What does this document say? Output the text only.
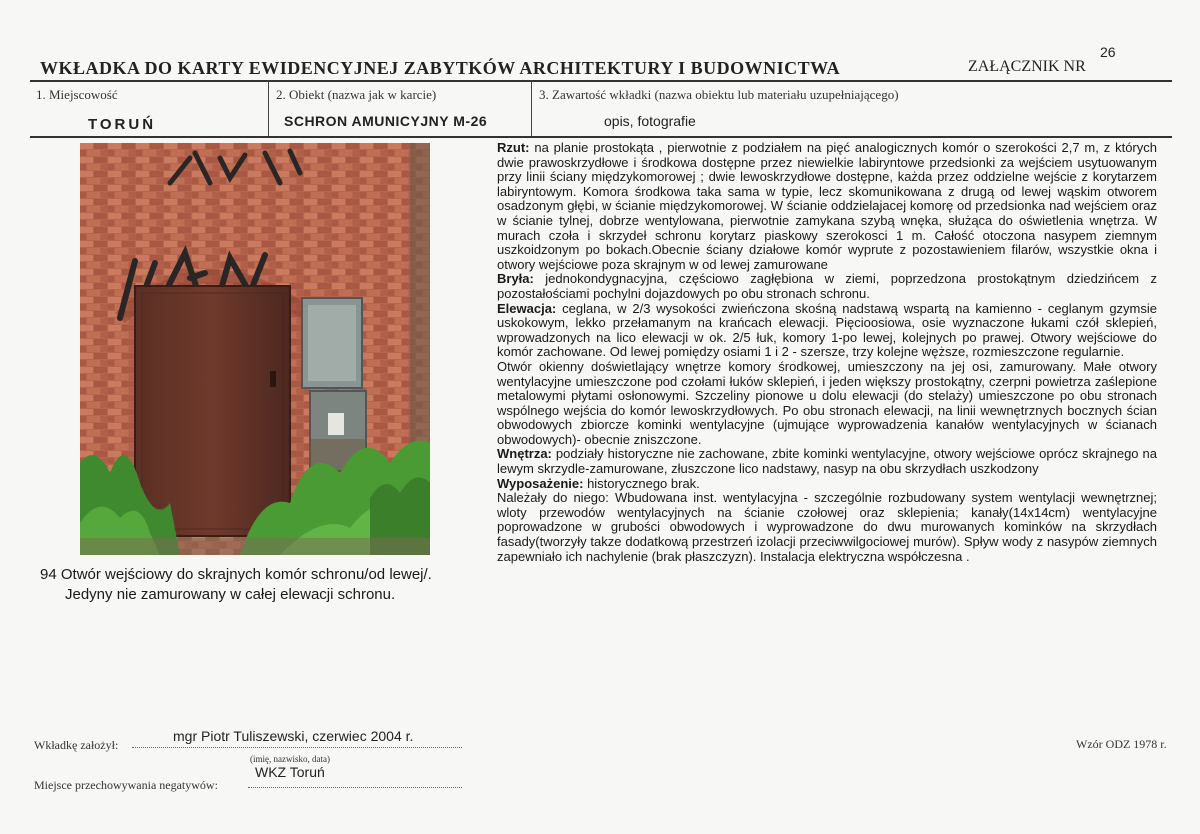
WKŁADKA DO KARTY EWIDENCYJNEJ ZABYTKÓW ARCHITEKTURY I BUDOWNICTWA	ZAŁĄCZNIK NR
26
1. Miejscowość	2. Obiekt (nazwa jak w karcie)	3. Zawartość wkładki (nazwa obiektu lub materiału uzupełniającego)
TORUŃ	SCHRON AMUNICYJNY M-26	opis, fotografie
94 Otwór wejściowy do skrajnych komór schronu/od lewej/.
Jedyny nie zamurowany w całej elewacji schronu.

Rzut: na planie prostokąta , pierwotnie z podziałem na pięć analogicznych komór o szerokości 2,7 m, z których dwie prawoskrzydłowe i środkowa dostępne przez niewielkie labiryntowe przedsionki za wejściem usytuowanym przy linii ściany międzykomorowej ; dwie lewoskrzydłowe dostępne, każda przez oddzielne wejście z korytarzem labiryntowym. Komora środkowa taka sama w typie, lecz skomunikowana z drugą od lewej wąskim otworem osadzonym głębi, w ścianie międzykomorowej. W ścianie oddzielajacej komorę od przedsionka nad wejściem oraz w ścianie tylnej, dobrze wentylowana, pierwotnie zamykana szybą wnęka, służąca do oświetlenia wnętrza. W murach czoła i skrzydeł schronu korytarz piaskowy szerokosci 1 m. Całość otoczona nasypem ziemnym uszkoidzonym po bokach.Obecnie ściany działowe komór wyprute z pozostawieniem filarów, wszystkie okna i otwory wejściowe poza skrajnym w od lewej zamurowane

Bryła: jednokondygnacyjna, częściowo zagłębiona w ziemi, poprzedzona prostokątnym dziedzińcem z pozostałościami pochylni dojazdowych po obu stronach schronu.

Elewacja: ceglana, w 2/3 wysokości zwieńczona skośną nadstawą wspartą na kamienno - ceglanym gzymsie uskokowym, lekko przełamanym na krańcach elewacji. Pięcioosiowa, osie wyznaczone łukami czół sklepień, wprowadzonych na lico elewacji w ok. 2/5 łuk, komory 1-po lewej, kolejnych po prawej. Otwory wejściowe do komór zachowane. Od lewej pomiędzy osiami 1 i 2 - szersze, trzy kolejne węższe, rozmieszczone regularnie.

Otwór okienny doświetlający wnętrze komory środkowej, umieszczony na jej osi, zamurowany. Małe otwory wentylacyjne umieszczone pod czołami łuków sklepień, i jeden większy prostokątny, czerpni powietrza zaślepione metalowymi płytami osłonowymi. Szczeliny pionowe u dolu elewacji (do stelaży) umieszczone po obu stronach wspólnego wejścia do komór lewoskrzydłowych. Po obu stronach elewacji, na linii wewnętrznych bocznych ścian obwodowych zbiorcze kominki wentylacyjne (ujmujące wyprowadzenia kanałów wentylacyjnych w ścianach obwodowych)- obecnie zniszczone.

Wnętrza: podziały historyczne nie zachowane, zbite kominki wentylacyjne, otwory wejściowe oprócz skrajnego na lewym skrzydle-zamurowane, złuszczone lico nadstawy, nasyp na obu skrzydłach uszkodzony

Wyposażenie: historycznego brak.

Należały do niego: Wbudowana inst. wentylacyjna - szczególnie rozbudowany system wentylacji wewnętrznej; wloty przewodów wentylacyjnych na ścianie czołowej oraz sklepienia; kanały(14x14cm) wentylacyjne poprowadzone w grubości obwodowych i wyprowadzone do dwu murowanych kominków na skrzydłach fasady(tworzyły takze dodatkową przestrzeń izolacji przeciwwilgociowej murów). Spływ wody z nasypów ziemnych zapewniało ich nachylenie (brak płaszczyzn). Instalacja elektryczna współczesna .

Wkładkę założył:
mgr Piotr Tuliszewski, czerwiec 2004 r.
(imię, nazwisko, data)
WKZ Toruń
Miejsce przechowywania negatywów:
Wzór ODZ 1978 r.
